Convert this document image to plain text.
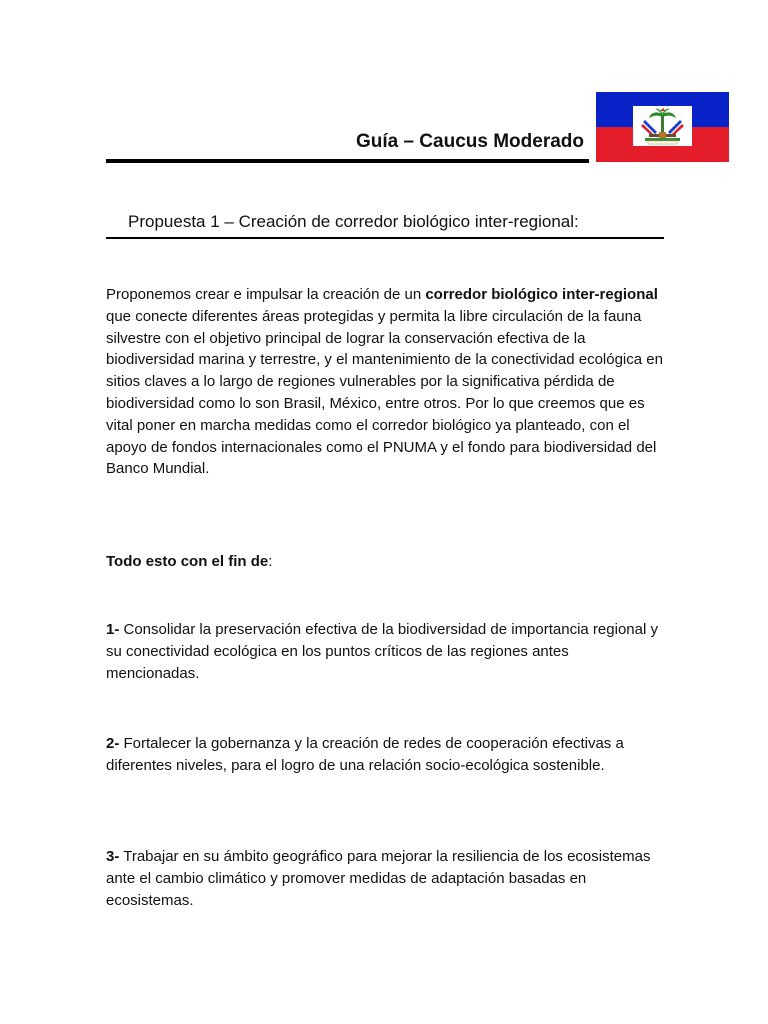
Guía – Caucus Moderado
Propuesta 1 – Creación de corredor biológico inter-regional:

Proponemos crear e impulsar la creación de un corredor biológico inter-regional que conecte diferentes áreas protegidas y permita la libre circulación de la fauna silvestre con el objetivo principal de lograr la conservación efectiva de la biodiversidad marina y terrestre, y el mantenimiento de la conectividad ecológica en sitios claves a lo largo de regiones vulnerables por la significativa pérdida de biodiversidad como lo son Brasil, México, entre otros. Por lo que creemos que es vital poner en marcha medidas como el corredor biológico ya planteado, con el apoyo de fondos internacionales como el PNUMA y el fondo para biodiversidad del Banco Mundial.

Todo esto con el fin de:

1- Consolidar la preservación efectiva de la biodiversidad de importancia regional y su conectividad ecológica en los puntos críticos de las regiones antes mencionadas.

2- Fortalecer la gobernanza y la creación de redes de cooperación efectivas a diferentes niveles, para el logro de una relación socio-ecológica sostenible.

3- Trabajar en su ámbito geográfico para mejorar la resiliencia de los ecosistemas ante el cambio climático y promover medidas de adaptación basadas en ecosistemas.
